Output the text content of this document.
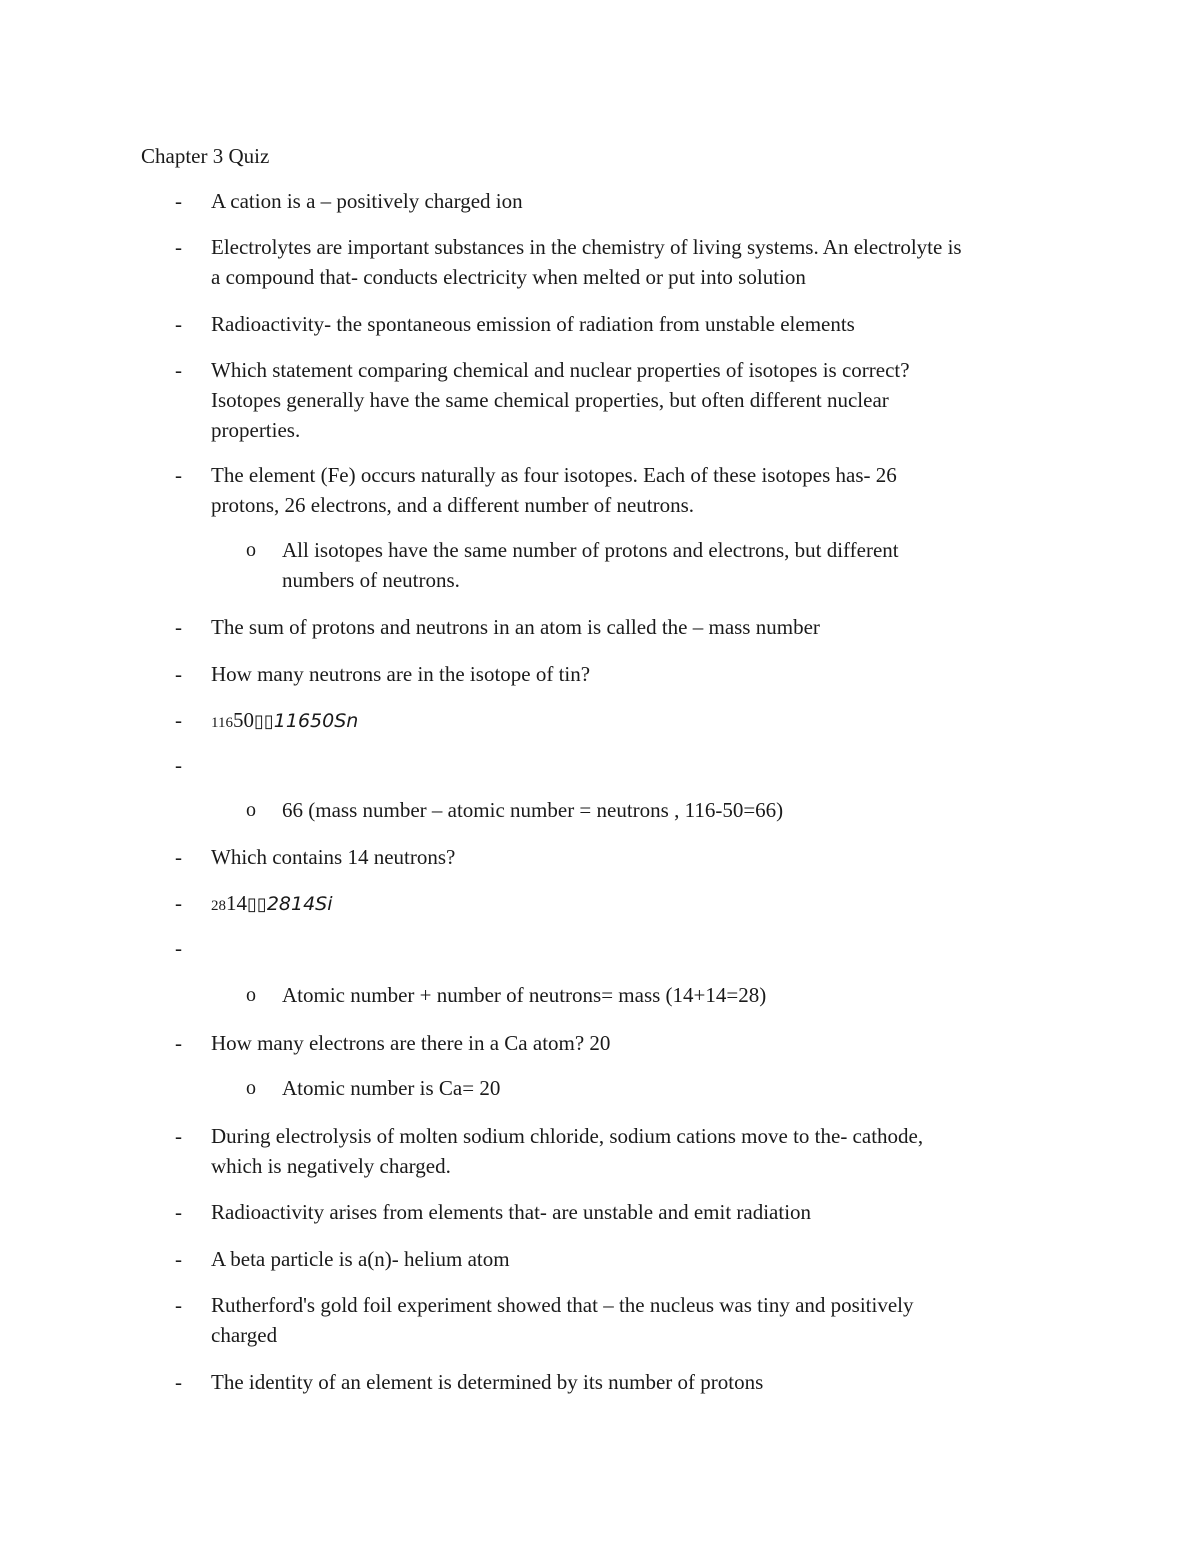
Chapter 3 Quiz
- A cation is a – positively charged ion
- Electrolytes are important substances in the chemistry of living systems. An electrolyte is
a compound that- conducts electricity when melted or put into solution
- Radioactivity- the spontaneous emission of radiation from unstable elements
- Which statement comparing chemical and nuclear properties of isotopes is correct?
Isotopes generally have the same chemical properties, but often different nuclear
properties.
- The element (Fe) occurs naturally as four isotopes. Each of these isotopes has- 26
protons, 26 electrons, and a different number of neutrons.
o All isotopes have the same number of protons and electrons, but different
numbers of neutrons.
- The sum of protons and neutrons in an atom is called the – mass number
- How many neutrons are in the isotope of tin?
- 11650▯▯11650Sn
-
o 66 (mass number – atomic number = neutrons , 116-50=66)
- Which contains 14 neutrons?
- 2814▯▯2814Si
-
o Atomic number + number of neutrons= mass (14+14=28)
- How many electrons are there in a Ca atom? 20
o Atomic number is Ca= 20
- During electrolysis of molten sodium chloride, sodium cations move to the- cathode,
which is negatively charged.
- Radioactivity arises from elements that- are unstable and emit radiation
- A beta particle is a(n)- helium atom
- Rutherford's gold foil experiment showed that – the nucleus was tiny and positively
charged
- The identity of an element is determined by its number of protons
